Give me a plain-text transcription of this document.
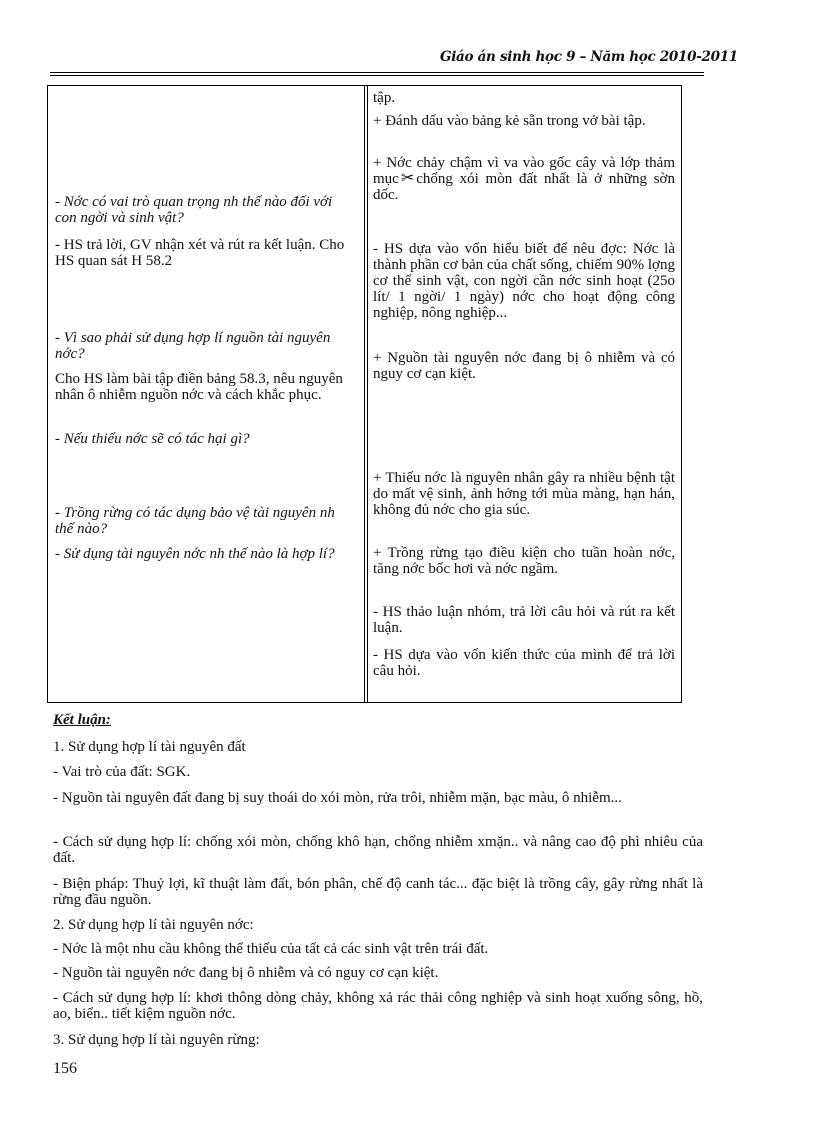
Giáo án sinh học 9 – Năm học 2010-2011
- Nớc có vai trò quan trọng nh thế nào đối với con ngời và sinh vật?
- HS trả lời, GV nhận xét và rút ra kết luận. Cho HS quan sát H 58.2
- Vì sao phải sử dụng hợp lí nguồn tài nguyên nớc?
Cho HS làm bài tập điền bảng 58.3, nêu nguyên nhân ô nhiễm nguồn nớc và cách khắc phục.
- Nếu thiếu nớc sẽ có tác hại gì?
- Trồng rừng có tác dụng bảo vệ tài nguyên nh thế nào?
- Sử dụng tài nguyên nớc nh thế nào là hợp lí?
tập.
+ Đánh dấu vào bảng kẻ sẵn trong vở bài tập.
+ Nớc chảy chậm vì va vào gốc cây và lớp thảm mục ✂ chống xói mòn đất nhất là ở những sờn dốc.
- HS dựa vào vốn hiểu biết để nêu đợc: Nớc là thành phần cơ bản của chất sống, chiếm 90% lợng cơ thể sinh vật, con ngời cần nớc sinh hoạt (25o lít/ 1 ngời/ 1 ngày) nớc cho hoạt động công nghiệp, nông nghiệp...
+ Nguồn tài nguyên nớc đang bị ô nhiễm và có nguy cơ cạn kiệt.
+ Thiếu nớc là nguyên nhân gây ra nhiều bệnh tật do mất vệ sinh, ảnh hởng tới mùa màng, hạn hán, không đủ nớc cho gia súc.
+ Trồng rừng tạo điều kiện cho tuần hoàn nớc, tăng nớc bốc hơi và nớc ngầm.
- HS thảo luận nhóm, trả lời câu hỏi và rút ra kết luận.
- HS dựa vào vốn kiến thức của mình để trả lời câu hỏi.
Kết luận:
1. Sử dụng hợp lí tài nguyên đất
- Vai trò của đất: SGK.
- Nguồn tài nguyên đất đang bị suy thoái do xói mòn, rửa trôi, nhiễm mặn, bạc màu, ô nhiễm...
- Cách sử dụng hợp lí: chống xói mòn, chống khô hạn, chống nhiễm xmặn.. và nâng cao độ phì nhiêu của đất.
- Biện pháp: Thuỷ lợi, kĩ thuật làm đất, bón phân, chế độ canh tác... đặc biệt là trồng cây, gây rừng nhất là rừng đầu nguồn.
2. Sử dụng hợp lí tài nguyên nớc:
- Nớc là một nhu cầu không thể thiếu của tất cả các sinh vật trên trái đất.
- Nguồn tài nguyên nớc đang bị ô nhiễm và có nguy cơ cạn kiệt.
- Cách sử dụng hợp lí: khơi thông dòng chảy, không xả rác thải công nghiệp và sinh hoạt xuống sông, hồ, ao, biển.. tiết kiệm nguồn nớc.
3. Sử dụng hợp lí tài nguyên rừng:
156
